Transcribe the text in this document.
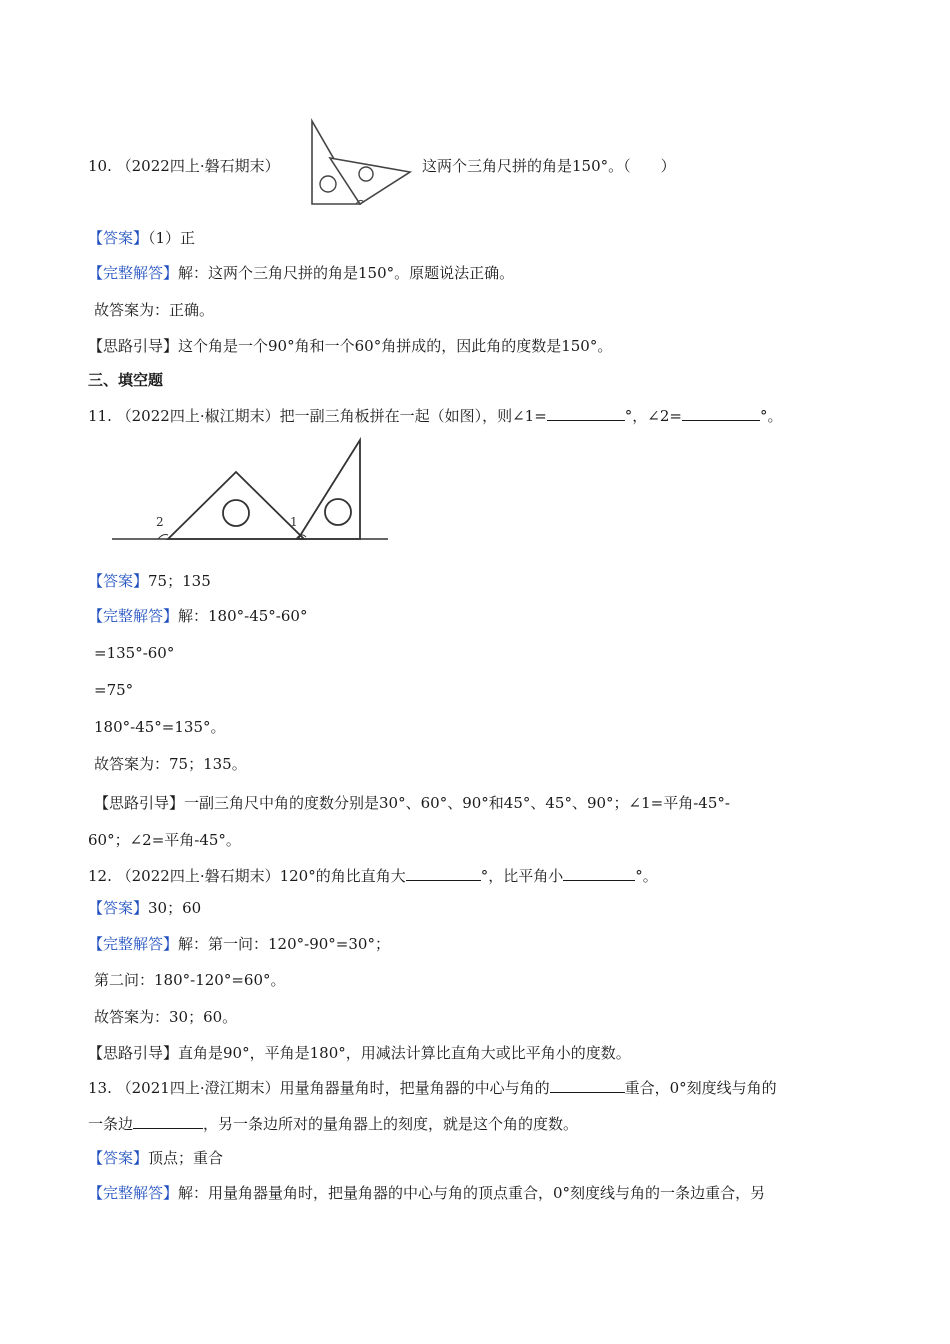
10. （2022四上·磐石期末）	这两个三角尺拼的角是150°。（　　）
【答案】（1）正
【完整解答】解：这两个三角尺拼的角是150°。原题说法正确。
故答案为：正确。
【思路引导】这个角是一个90°角和一个60°角拼成的，因此角的度数是150°。
三、填空题
11. （2022四上·椒江期末）把一副三角板拼在一起（如图），则∠1=	°，∠2=	°。
1
2
【答案】75；135
【完整解答】解：180°-45°-60°
=135°-60°
=75°
180°-45°=135°。
故答案为：75；135。
【思路引导】一副三角尺中角的度数分别是30°、60°、90°和45°、45°、90°；∠1=平角-45°-
60°；∠2=平角-45°。
12. （2022四上·磐石期末）120°的角比直角大	°，比平角小	°。
【答案】30；60
【完整解答】解：第一问：120°-90°=30°；
第二问：180°-120°=60°。
故答案为：30；60。
【思路引导】直角是90°，平角是180°，用减法计算比直角大或比平角小的度数。
13. （2021四上·澄江期末）用量角器量角时，把量角器的中心与角的	重合，0°刻度线与角的
一条边	，另一条边所对的量角器上的刻度，就是这个角的度数。
【答案】顶点；重合
【完整解答】解：用量角器量角时，把量角器的中心与角的顶点重合，0°刻度线与角的一条边重合，另
